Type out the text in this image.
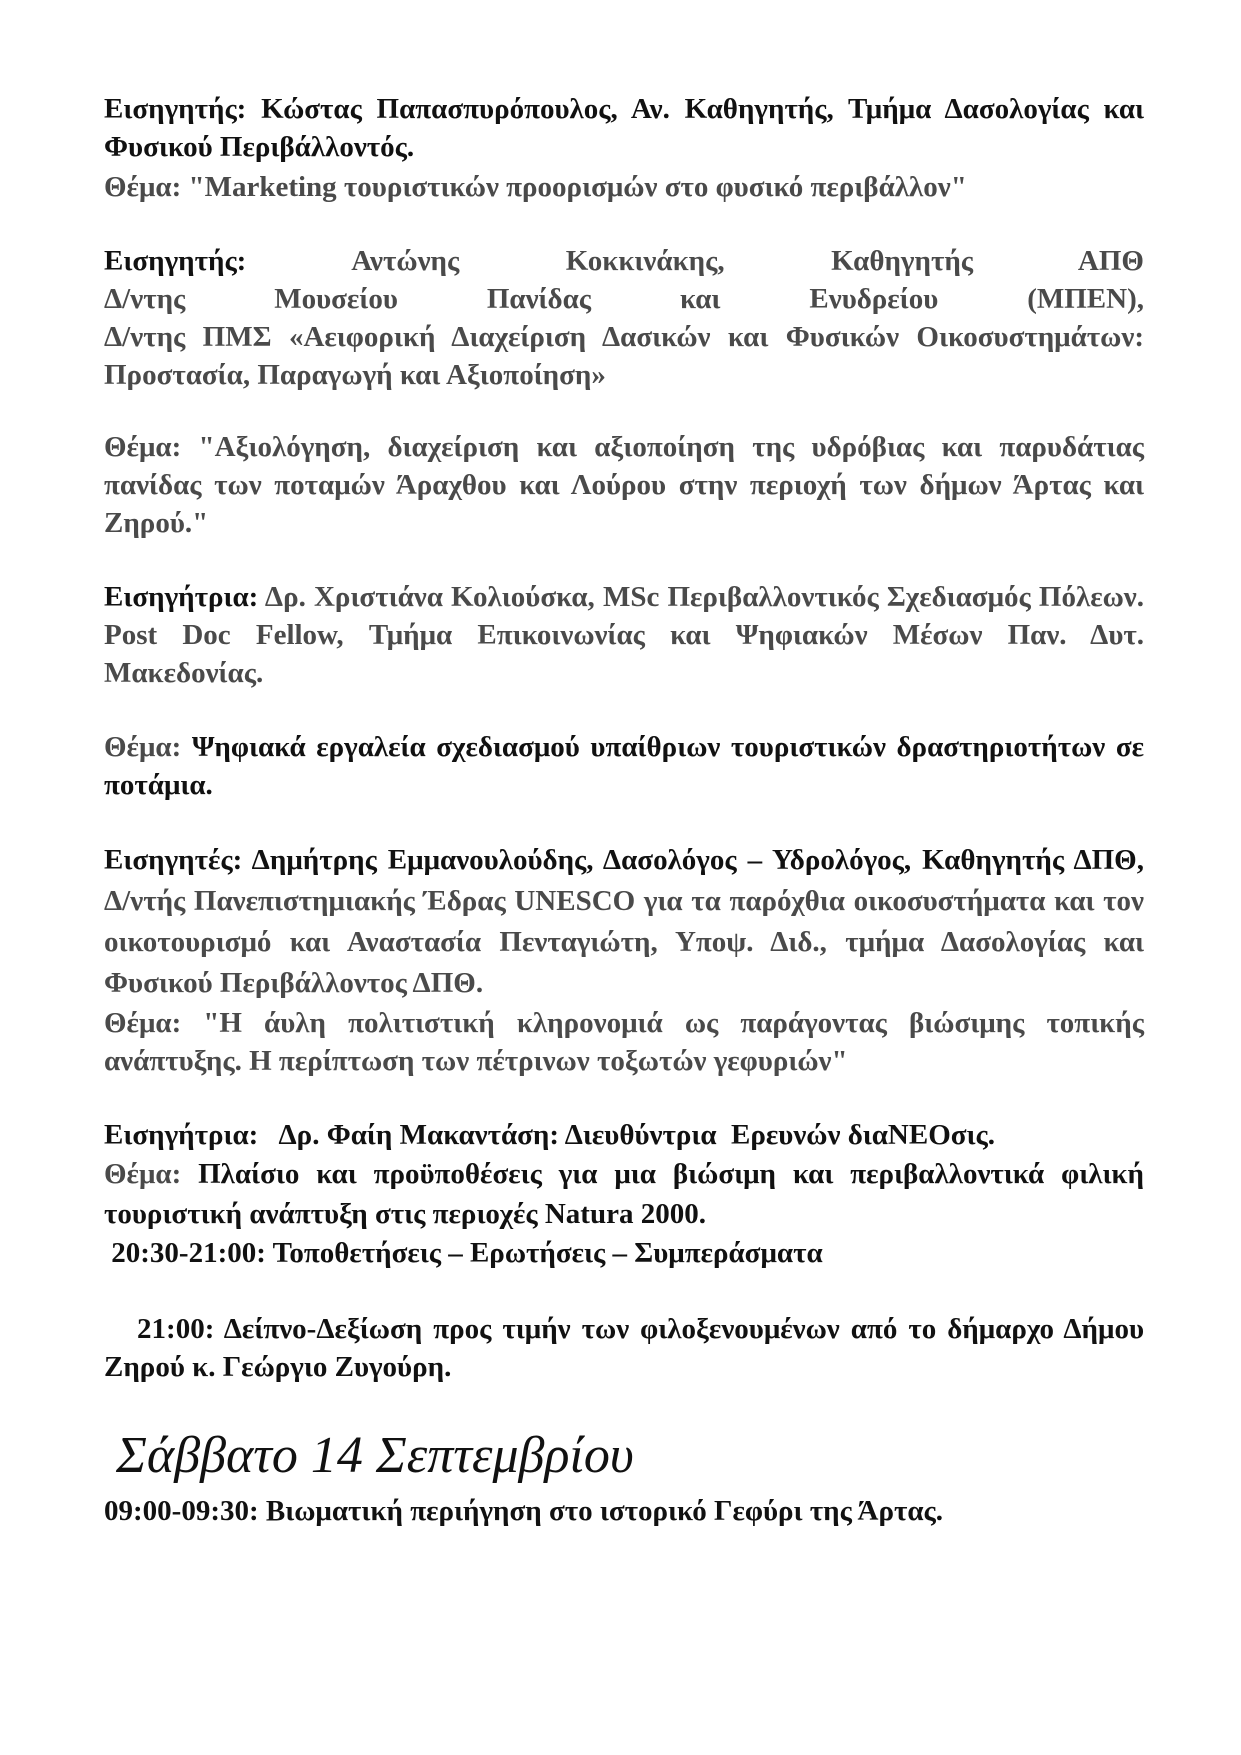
Εισηγητής: Κώστας Παπασπυρόπουλος, Αν. Καθηγητής, Τμήμα Δασολογίας και Φυσικού Περιβάλλοντός.

Θέμα: "Marketing τουριστικών προορισμών στο φυσικό περιβάλλον"

Εισηγητής: Αντώνης Κοκκινάκης, Καθηγητής ΑΠΘ

Δ/ντης Μουσείου Πανίδας και Ενυδρείου (ΜΠΕΝ),

Δ/ντης ΠΜΣ «Αειφορική Διαχείριση Δασικών και Φυσικών Οικοσυστημάτων: Προστασία, Παραγωγή και Αξιοποίηση»

Θέμα: "Αξιολόγηση, διαχείριση και αξιοποίηση της υδρόβιας και παρυδάτιας πανίδας των ποταμών Άραχθου και Λούρου στην περιοχή των δήμων Άρτας και Ζηρού."

Εισηγήτρια: Δρ. Χριστιάνα Κολιούσκα, MSc Περιβαλλοντικός Σχεδιασμός Πόλεων. Post Doc Fellow, Τμήμα Επικοινωνίας και Ψηφιακών Μέσων Παν. Δυτ. Μακεδονίας.

Θέμα: Ψηφιακά εργαλεία σχεδιασμού υπαίθριων τουριστικών δραστηριοτήτων σε ποτάμια.

Εισηγητές: Δημήτρης Εμμανουλούδης, Δασολόγος – Υδρολόγος, Καθηγητής ΔΠΘ, Δ/ντής Πανεπιστημιακής Έδρας UNESCO για τα παρόχθια οικοσυστήματα και τον οικοτουρισμό και Αναστασία Πενταγιώτη, Υποψ. Διδ., τμήμα Δασολογίας και Φυσικού Περιβάλλοντος ΔΠΘ.

Θέμα: "Η άυλη πολιτιστική κληρονομιά ως παράγοντας βιώσιμης τοπικής ανάπτυξης. Η περίπτωση των πέτρινων τοξωτών γεφυριών"

Εισηγήτρια:   Δρ. Φαίη Μακαντάση: Διευθύντρια  Ερευνών διαΝΕΟσις.

Θέμα: Πλαίσιο και προϋποθέσεις για μια βιώσιμη και περιβαλλοντικά φιλική τουριστική ανάπτυξη στις περιοχές Natura 2000.

20:30-21:00: Τοποθετήσεις – Ερωτήσεις – Συμπεράσματα

21:00: Δείπνο-Δεξίωση προς τιμήν των φιλοξενουμένων από το δήμαρχο Δήμου Ζηρού κ. Γεώργιο Ζυγούρη.

Σάββατο 14 Σεπτεμβρίου

09:00-09:30: Βιωματική περιήγηση στο ιστορικό Γεφύρι της Άρτας.
